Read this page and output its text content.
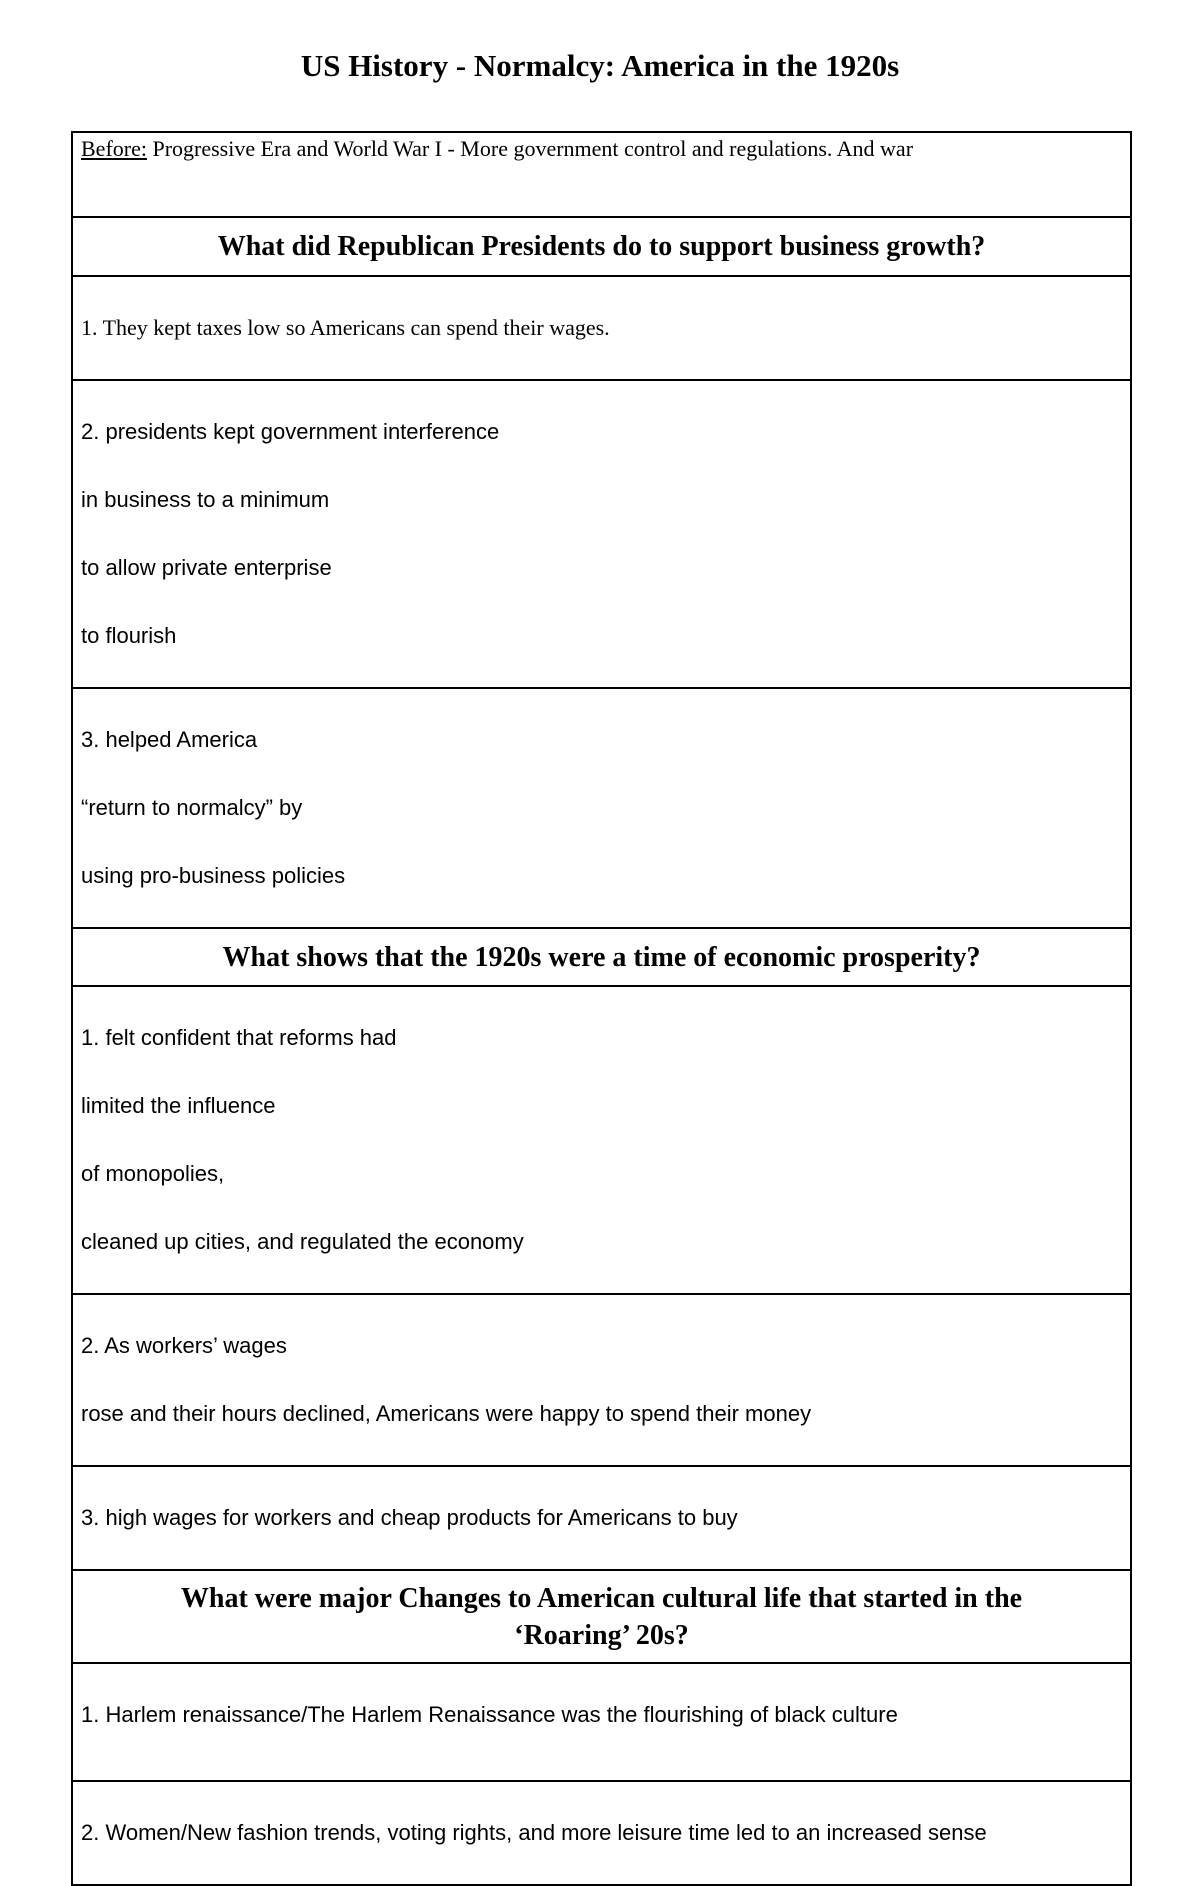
US History - Normalcy: America in the 1920s
Before: Progressive Era and World War I - More government control and regulations. And war
What did Republican Presidents do to support business growth?

1. They kept taxes low so Americans can spend their wages.

2. presidents kept government interference

in business to a minimum

to allow private enterprise

to flourish

3. helped America

“return to normalcy” by

using pro-business policies

What shows that the 1920s were a time of economic prosperity?

1. felt confident that reforms had

limited the influence

of monopolies,

cleaned up cities, and regulated the economy

2. As workers’ wages

rose and their hours declined, Americans were happy to spend their money

3. high wages for workers and cheap products for Americans to buy

What were major Changes to American cultural life that started in the
‘Roaring’ 20s?

1. Harlem renaissance/The Harlem Renaissance was the flourishing of black culture

2. Women/New fashion trends, voting rights, and more leisure time led to an increased sense
